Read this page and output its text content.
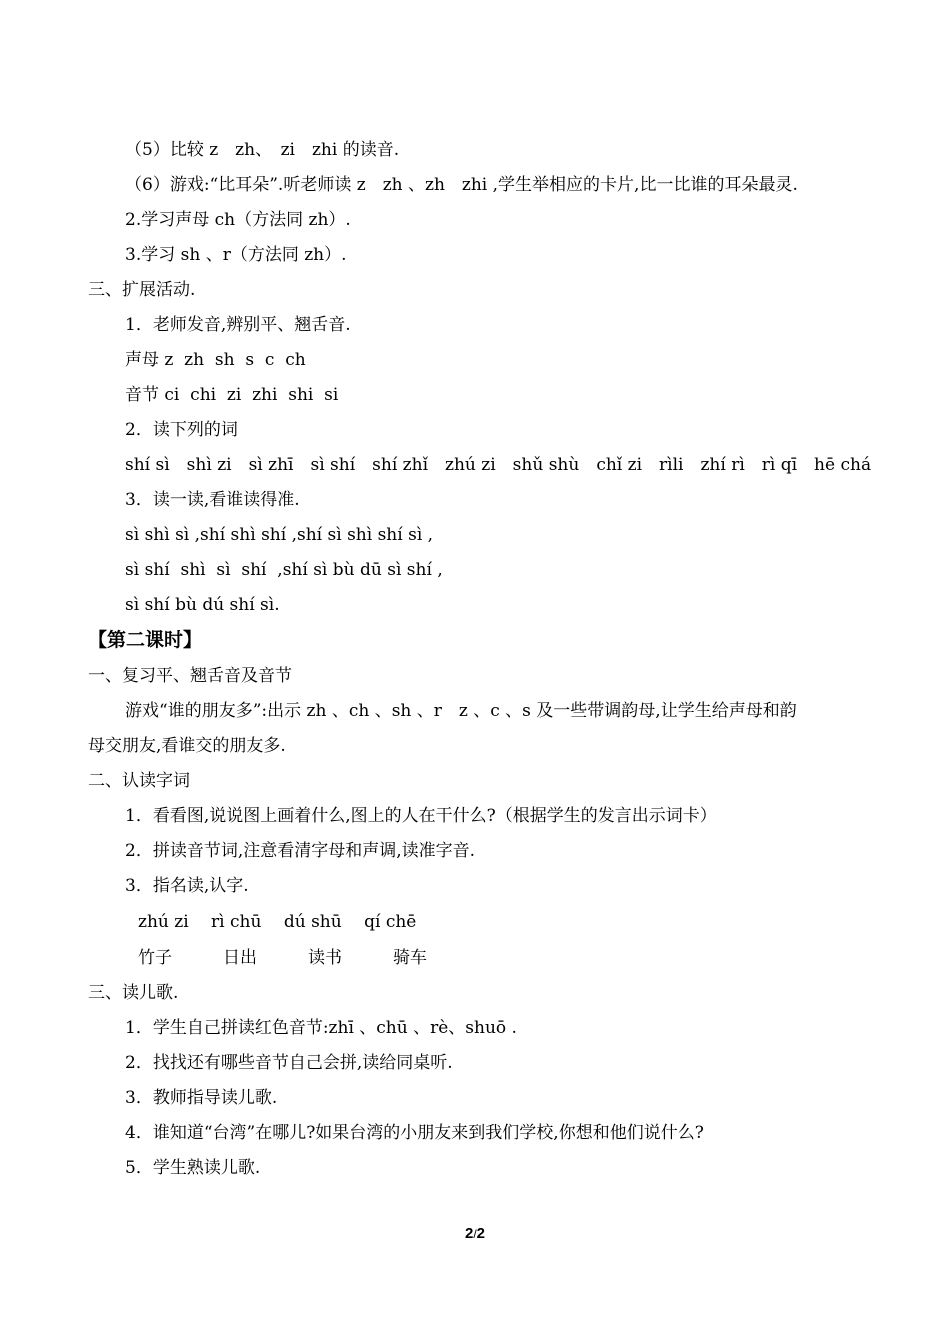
（5）比较 z　zh、　zi　zhi 的读音.
（6）游戏:“比耳朵”.听老师读 z　zh 、zh　zhi ,学生举相应的卡片,比一比谁的耳朵最灵.
2.学习声母 ch（方法同 zh）.
3.学习 sh 、r（方法同 zh）.
三、扩展活动.
1．老师发音,辨别平、翘舌音.
声母 z  zh  sh  s  c  ch
音节 ci  chi  zi  zhi  shi  si
2．读下列的词
shí sì　shì zi　sì zhī　sì shí　shí zhǐ　zhú zi　shǔ shù　chǐ zi　rìli　zhí rì　rì qī　hē chá
3．读一读,看谁读得准.
sì shì sì ,shí shì shí ,shí sì shì shí sì ,
sì shí  shì  sì  shí  ,shí sì bù dū sì shí ,
sì shí bù dú shí sì.
【第二课时】
一、复习平、翘舌音及音节
游戏“谁的朋友多”:出示 zh 、ch 、sh 、r　z 、c 、s 及一些带调韵母,让学生给声母和韵
母交朋友,看谁交的朋友多.
二、认读字词
1．看看图,说说图上画着什么,图上的人在干什么?（根据学生的发言出示词卡）
2．拼读音节词,注意看清字母和声调,读准字音.
3．指名读,认字.
zhú zi　 rì chū　 dú shū　 qí chē
竹子　　　日出　　　读书　　　骑车
三、读儿歌.
1．学生自己拼读红色音节:zhī 、chū 、rè、shuō .
2．找找还有哪些音节自己会拼,读给同桌听.
3．教师指导读儿歌.
4．谁知道“台湾”在哪儿?如果台湾的小朋友来到我们学校,你想和他们说什么?
5．学生熟读儿歌.
2/2
